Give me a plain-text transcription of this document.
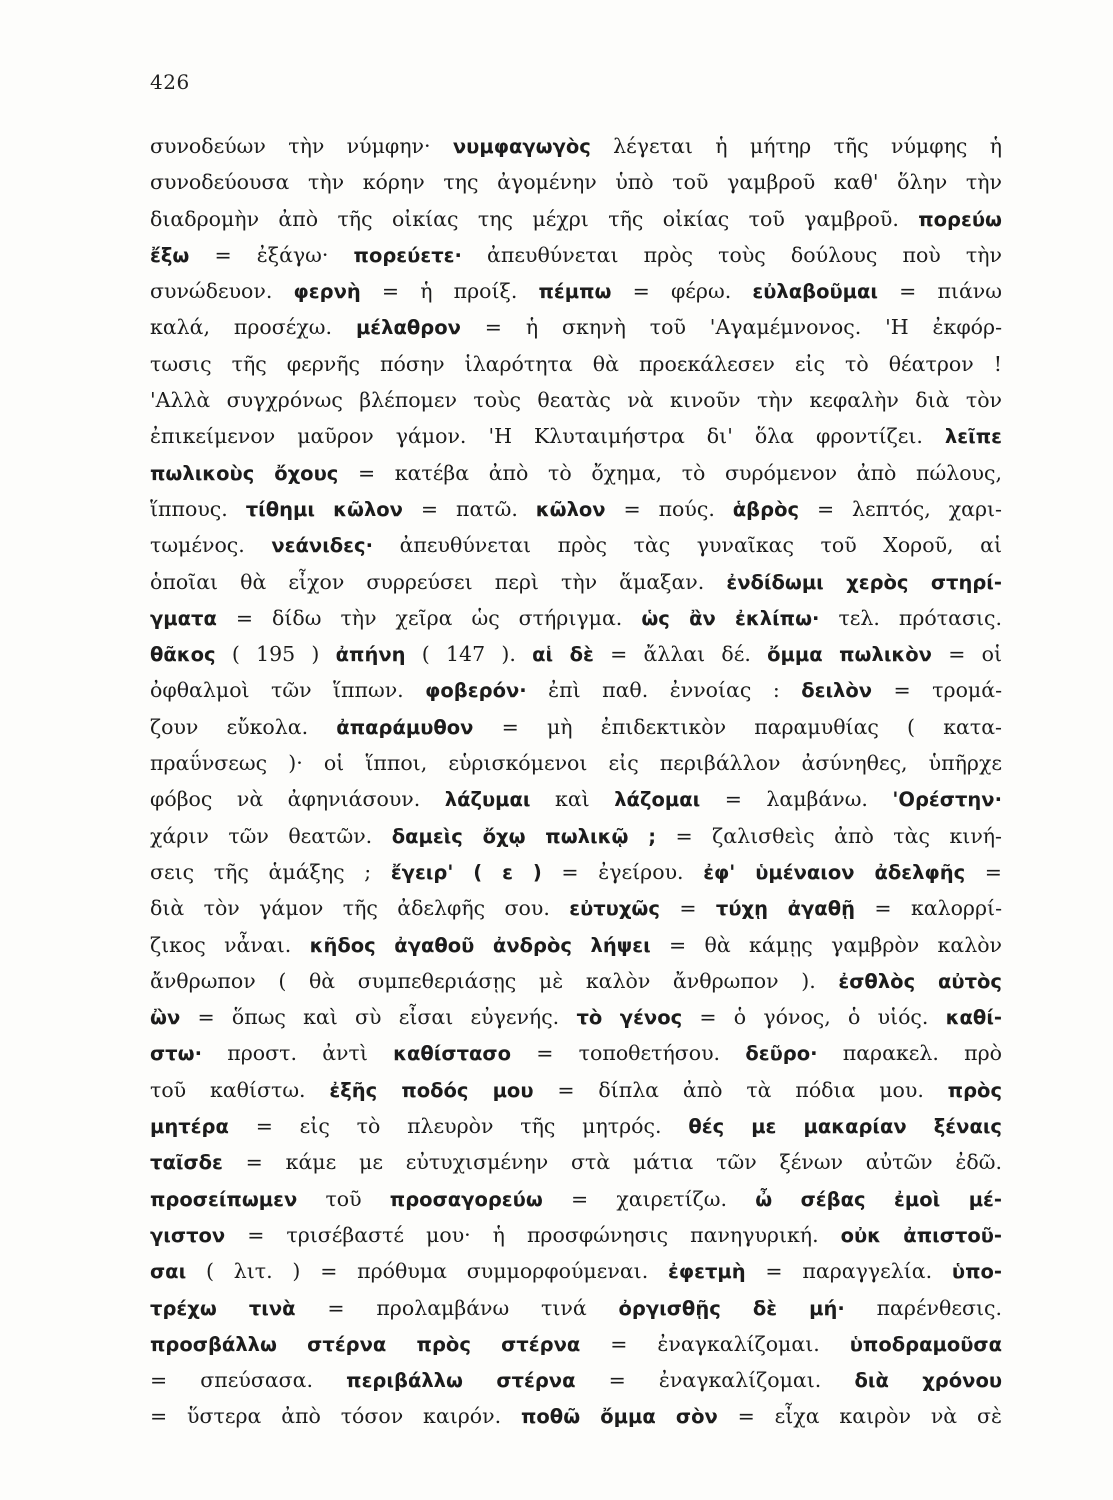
426
συνοδεύων τὴν νύμφην· νυμφαγωγὸς λέγεται ἡ μήτηρ τῆς νύμφης ἡ
συνοδεύουσα τὴν κόρην της ἀγομένην ὑπὸ τοῦ γαμβροῦ καθ' ὅλην τὴν
διαδρομὴν ἀπὸ τῆς οἰκίας της μέχρι τῆς οἰκίας τοῦ γαμβροῦ. πορεύω
ἔξω = ἐξάγω· πορεύετε· ἀπευθύνεται πρὸς τοὺς δούλους ποὺ τὴν
συνώδευον. φερνὴ = ἡ προίξ. πέμπω = φέρω. εὐλαβοῦμαι = πιάνω
καλά, προσέχω. μέλαθρον = ἡ σκηνὴ τοῦ 'Αγαμέμνονος. 'Η ἐκφόρ-
τωσις τῆς φερνῆς πόσην ἱλαρότητα θὰ προεκάλεσεν εἰς τὸ θέατρον !
'Αλλὰ συγχρόνως βλέπομεν τοὺς θεατὰς νὰ κινοῦν τὴν κεφαλὴν διὰ τὸν
ἐπικείμενον μαῦρον γάμον. 'Η Κλυταιμήστρα δι' ὅλα φροντίζει. λεῖπε
πωλικοὺς ὄχους = κατέβα ἀπὸ τὸ ὄχημα, τὸ συρόμενον ἀπὸ πώλους,
ἵππους. τίθημι κῶλον = πατῶ. κῶλον = πούς. ἁβρὸς = λεπτός, χαρι-
τωμένος. νεάνιδες· ἀπευθύνεται πρὸς τὰς γυναῖκας τοῦ Χοροῦ, αἱ
ὁποῖαι θὰ εἶχον συρρεύσει περὶ τὴν ἅμαξαν. ἐνδίδωμι χερὸς στηρί-
γματα = δίδω τὴν χεῖρα ὡς στήριγμα. ὡς ἂν ἐκλίπω· τελ. πρότασις.
θᾶκος ( 195 ) ἀπήνη ( 147 ). αἱ δὲ = ἄλλαι δέ. ὄμμα πωλικὸν = οἱ
ὀφθαλμοὶ τῶν ἵππων. φοβερόν· ἐπὶ παθ. ἐννοίας : δειλὸν = τρομά-
ζουν εὔκολα. ἀπαράμυθον = μὴ ἐπιδεκτικὸν παραμυθίας ( κατα-
πραΰνσεως )· οἱ ἵπποι, εὑρισκόμενοι εἰς περιβάλλον ἀσύνηθες, ὑπῆρχε
φόβος νὰ ἀφηνιάσουν. λάζυμαι καὶ λάζομαι = λαμβάνω. 'Ορέστην·
χάριν τῶν θεατῶν. δαμεὶς ὄχῳ πωλικῷ ; = ζαλισθεὶς ἀπὸ τὰς κινή-
σεις τῆς ἁμάξης ; ἔγειρ' ( ε ) = ἐγείρου. ἐφ' ὑμέναιον ἀδελφῆς =
διὰ τὸν γάμον τῆς ἀδελφῆς σου. εὐτυχῶς = τύχῃ ἀγαθῇ = καλορρί-
ζικος νἆναι. κῆδος ἀγαθοῦ ἀνδρὸς λήψει = θὰ κάμῃς γαμβρὸν καλὸν
ἄνθρωπον ( θὰ συμπεθεριάσῃς μὲ καλὸν ἄνθρωπον ). ἐσθλὸς αὐτὸς
ὢν = ὅπως καὶ σὺ εἶσαι εὐγενής. τὸ γένος = ὁ γόνος, ὁ υἱός. καθί-
στω· προστ. ἀντὶ καθίστασο = τοποθετήσου. δεῦρο· παρακελ. πρὸ
τοῦ καθίστω. ἐξῆς ποδός μου = δίπλα ἀπὸ τὰ πόδια μου. πρὸς
μητέρα = εἰς τὸ πλευρὸν τῆς μητρός. θές με μακαρίαν ξέναις
ταῖσδε = κάμε με εὐτυχισμένην στὰ μάτια τῶν ξένων αὐτῶν ἐδῶ.
προσείπωμεν τοῦ προσαγορεύω = χαιρετίζω. ὦ σέβας ἐμοὶ μέ-
γιστον = τρισέβαστέ μου· ἡ προσφώνησις πανηγυρική. οὐκ ἀπιστοῦ-
σαι ( λιτ. ) = πρόθυμα συμμορφούμεναι. ἐφετμὴ = παραγγελία. ὑπο-
τρέχω τινὰ = προλαμβάνω τινά ὀργισθῇς δὲ μή· παρένθεσις.
προσβάλλω στέρνα πρὸς στέρνα = ἐναγκαλίζομαι. ὑποδραμοῦσα
= σπεύσασα. περιβάλλω στέρνα = ἐναγκαλίζομαι. διὰ χρόνου
= ὕστερα ἀπὸ τόσον καιρόν. ποθῶ ὄμμα σὸν = εἶχα καιρὸν νὰ σὲ
